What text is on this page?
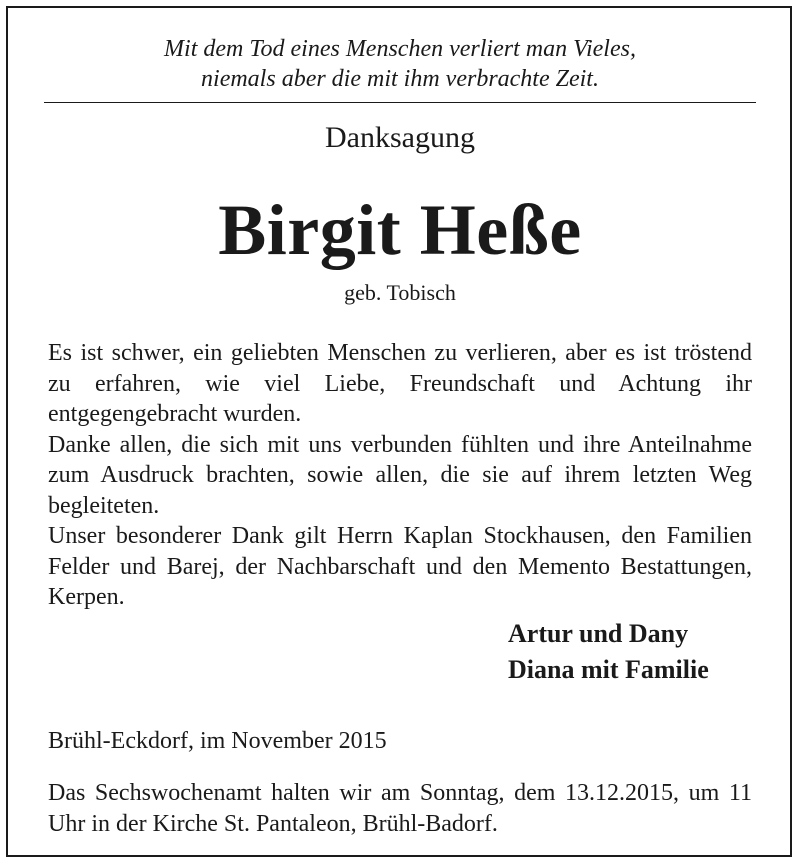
Mit dem Tod eines Menschen verliert man Vieles,
niemals aber die mit ihm verbrachte Zeit.
Danksagung
Birgit Heße
geb. Tobisch

Es ist schwer, ein geliebten Menschen zu verlieren, aber es ist tröstend zu erfahren, wie viel Liebe, Freundschaft und Achtung ihr entgegengebracht wurden.

Danke allen, die sich mit uns verbunden fühlten und ihre Anteilnahme zum Ausdruck brachten, sowie allen, die sie auf ihrem letzten Weg begleiteten.

Unser besonderer Dank gilt Herrn Kaplan Stockhausen, den Familien Felder und Barej, der Nachbarschaft und den Memento Bestattungen, Kerpen.

Artur und Dany
Diana mit Familie
Brühl-Eckdorf, im November 2015

Das Sechswochenamt halten wir am Sonntag, dem 13.12.2015, um 11 Uhr in der Kirche St. Pantaleon, Brühl-Badorf.
